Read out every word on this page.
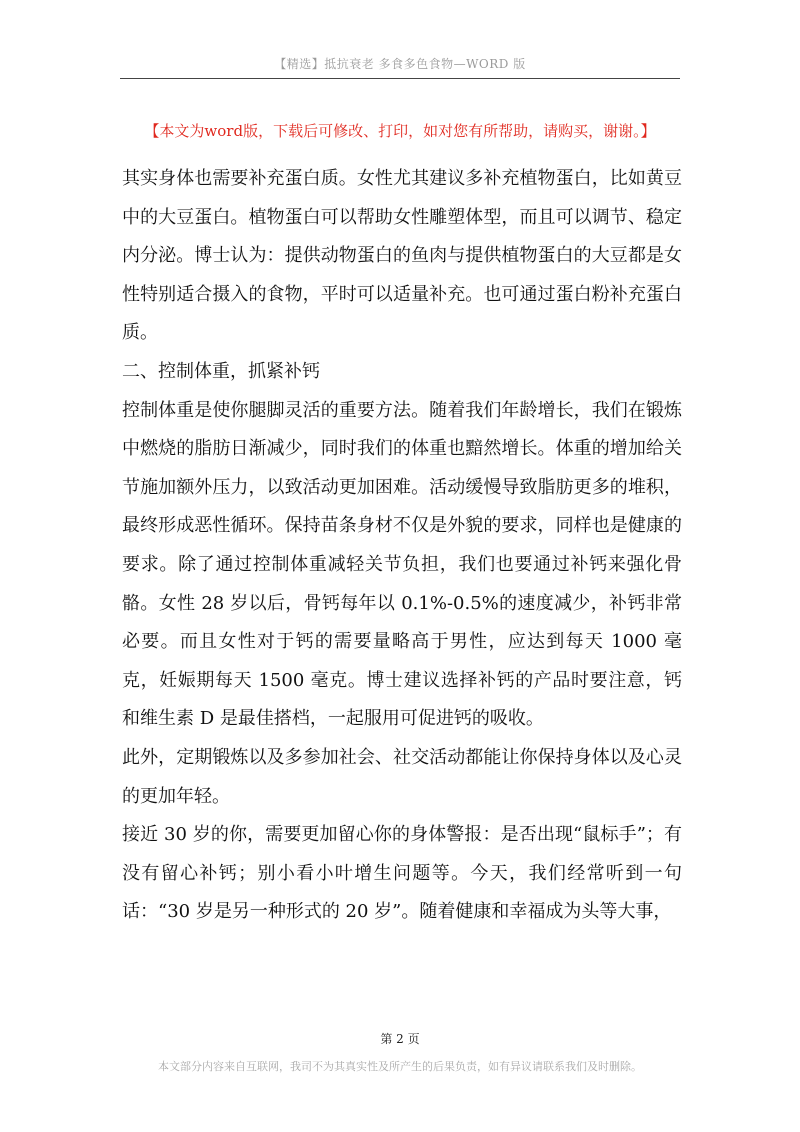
【精选】抵抗衰老 多食多色食物—WORD 版
【本文为word版，下载后可修改、打印，如对您有所帮助，请购买，谢谢。】

其实身体也需要补充蛋白质。女性尤其建议多补充植物蛋白，比如黄豆中的大豆蛋白。植物蛋白可以帮助女性雕塑体型，而且可以调节、稳定内分泌。博士认为：提供动物蛋白的鱼肉与提供植物蛋白的大豆都是女性特别适合摄入的食物，平时可以适量补充。也可通过蛋白粉补充蛋白质。

二、控制体重，抓紧补钙

控制体重是使你腿脚灵活的重要方法。随着我们年龄增长，我们在锻炼中燃烧的脂肪日渐减少，同时我们的体重也黯然增长。体重的增加给关节施加额外压力，以致活动更加困难。活动缓慢导致脂肪更多的堆积，最终形成恶性循环。保持苗条身材不仅是外貌的要求，同样也是健康的要求。除了通过控制体重减轻关节负担，我们也要通过补钙来强化骨骼。女性 28 岁以后，骨钙每年以 0.1%-0.5%的速度减少，补钙非常必要。而且女性对于钙的需要量略高于男性，应达到每天 1000 毫克，妊娠期每天 1500 毫克。博士建议选择补钙的产品时要注意，钙和维生素 D 是最佳搭档，一起服用可促进钙的吸收。

此外，定期锻炼以及多参加社会、社交活动都能让你保持身体以及心灵的更加年轻。

接近 30 岁的你，需要更加留心你的身体警报：是否出现“鼠标手”；有没有留心补钙；别小看小叶增生问题等。今天，我们经常听到一句话：“30 岁是另一种形式的 20 岁”。随着健康和幸福成为头等大事，

第 2 页
本文部分内容来自互联网，我司不为其真实性及所产生的后果负责，如有异议请联系我们及时删除。
